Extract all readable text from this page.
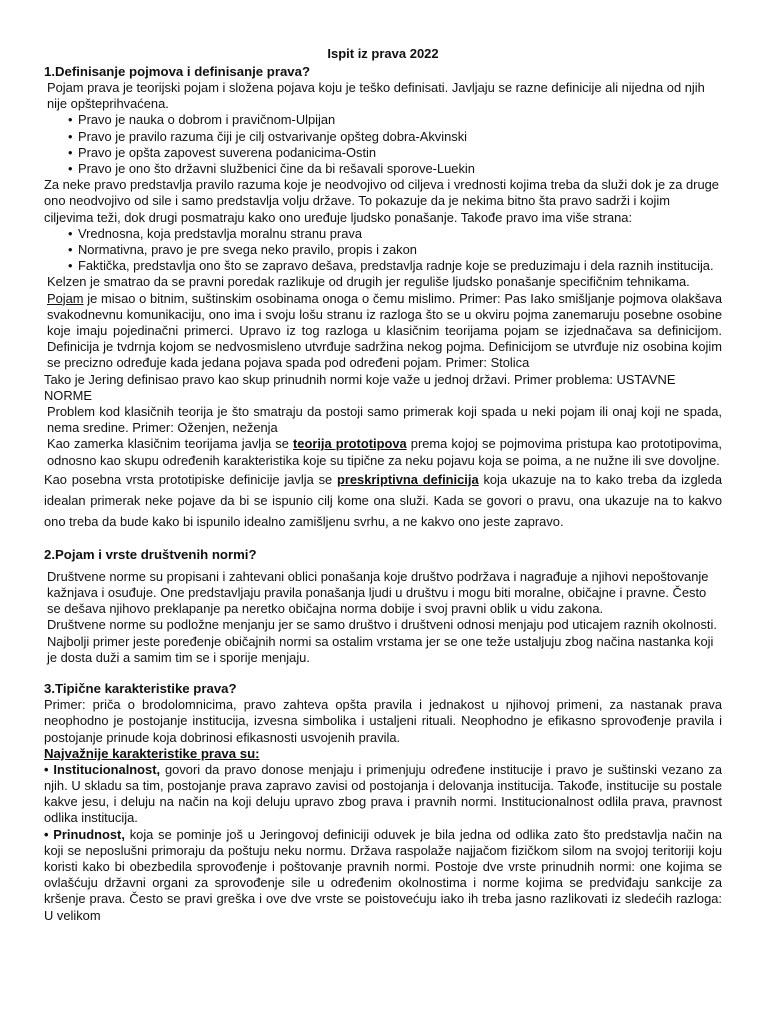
Ispit iz prava 2022
1.Definisanje pojmova i definisanje prava?

Pojam prava je teorijski pojam i složena pojava koju je teško definisati. Javljaju se razne definicije ali nijedna od njih nije opšteprihvaćena.

• Pravo je nauka o dobrom i pravičnom-Ulpijan
• Pravo je pravilo razuma čiji je cilj ostvarivanje opšteg dobra-Akvinski
• Pravo je opšta zapovest suverena podanicima-Ostin
• Pravo je ono što državni službenici čine da bi rešavali sporove-Luekin

Za neke pravo predstavlja pravilo razuma koje je neodvojivo od ciljeva i vrednosti kojima treba da služi dok je za druge ono neodvojivo od sile i samo predstavlja volju države. To pokazuje da je nekima bitno šta pravo sadrži i kojim ciljevima teži, dok drugi posmatraju kako ono uređuje ljudsko ponašanje. Takođe pravo ima više strana:

• Vrednosna, koja predstavlja moralnu stranu prava
• Normativna, pravo je pre svega neko pravilo, propis i zakon
• Faktička, predstavlja ono što se zapravo dešava, predstavlja radnje koje se preduzimaju i dela raznih institucija.

Kelzen je smatrao da se pravni poredak razlikuje od drugih jer reguliše ljudsko ponašanje specifičnim tehnikama.

Pojam je misao o bitnim, suštinskim osobinama onoga o čemu mislimo. Primer: Pas Iako smišljanje pojmova olakšava svakodnevnu komunikaciju, ono ima i svoju lošu stranu iz razloga što se u okviru pojma zanemaruju posebne osobine koje imaju pojedinačni primerci. Upravo iz tog razloga u klasičnim teorijama pojam se izjednačava sa definicijom. Definicija je tvdrnja kojom se nedvosmisleno utvrđuje sadržina nekog pojma. Definicijom se utvrđuje niz osobina kojim se precizno određuje kada jedana pojava spada pod određeni pojam. Primer: Stolica

Tako je Jering definisao pravo kao skup prinudnih normi koje važe u jednoj državi. Primer problema: USTAVNE NORME

Problem kod klasičnih teorija je što smatraju da postoji samo primerak koji spada u neki pojam ili onaj koji ne spada, nema sredine. Primer: Oženjen, neženja

Kao zamerka klasičnim teorijama javlja se teorija prototipova prema kojoj se pojmovima pristupa kao prototipovima, odnosno kao skupu određenih karakteristika koje su tipične za neku pojavu koja se poima, a ne nužne ili sve dovoljne.

Kao posebna vrsta prototipiske definicije javlja se preskriptivna definicija koja ukazuje na to kako treba da izgleda idealan primerak neke pojave da bi se ispunio cilj kome ona služi. Kada se govori o pravu, ona ukazuje na to kakvo ono treba da bude kako bi ispunilo idealno zamišljenu svrhu, a ne kakvo ono jeste zapravo.

2.Pojam i vrste društvenih normi?

Društvene norme su propisani i zahtevani oblici ponašanja koje društvo podržava i nagrađuje a njihovi nepoštovanje kažnjava i osuđuje. One predstavljaju pravila ponašanja ljudi u društvu i mogu biti moralne, običajne i pravne. Često se dešava njihovo preklapanje pa neretko običajna norma dobije i svoj pravni oblik u vidu zakona.

Društvene norme su podložne menjanju jer se samo društvo i društveni odnosi menjaju pod uticajem raznih okolnosti. Najbolji primer jeste poređenje običajnih normi sa ostalim vrstama jer se one teže ustaljuju zbog načina nastanka koji je dosta duži a samim tim se i sporije menjaju.

3.Tipične karakteristike prava?

Primer: priča o brodolomnicima, pravo zahteva opšta pravila i jednakost u njihovoj primeni, za nastanak prava neophodno je postojanje institucija, izvesna simbolika i ustaljeni rituali. Neophodno je efikasno sprovođenje pravila i postojanje prinude koja dobrinosi efikasnosti usvojenih pravila.

Najvažnije karakteristike prava su:

• Institucionalnost, govori da pravo donose menjaju i primenjuju određene institucije i pravo je suštinski vezano za njih. U skladu sa tim, postojanje prava zapravo zavisi od postojanja i delovanja institucija. Takođe, institucije su postale kakve jesu, i deluju na način na koji deluju upravo zbog prava i pravnih normi. Institucionalnost odlila prava, pravnost odlika institucija.

• Prinudnost, koja se pominje još u Jeringovoj definiciji oduvek je bila jedna od odlika zato što predstavlja način na koji se neposlušni primoraju da poštuju neku normu. Država raspolaže najjačom fizičkom silom na svojoj teritoriji koju koristi kako bi obezbedila sprovođenje i poštovanje pravnih normi. Postoje dve vrste prinudnih normi: one kojima se ovlašćuju državni organi za sprovođenje sile u određenim okolnostima i norme kojima se predviđaju sankcije za kršenje prava. Često se pravi greška i ove dve vrste se poistovećuju iako ih treba jasno razlikovati iz sledećih razloga: U velikom
